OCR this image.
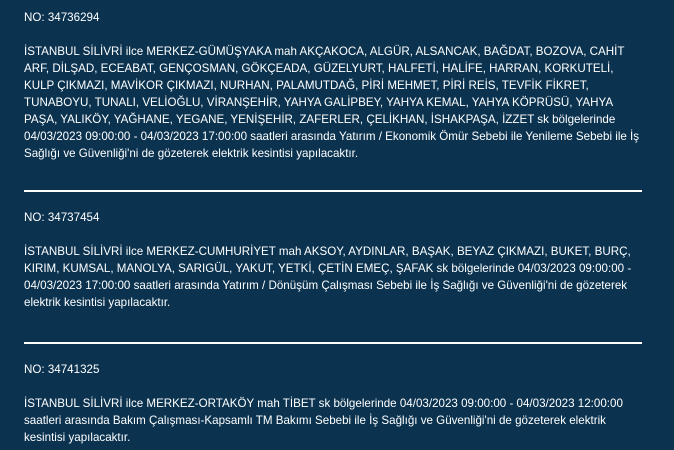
NO: 34736294

İSTANBUL SİLİVRİ ilce MERKEZ-GÜMÜŞYAKA mah AKÇAKOCA, ALGÜR, ALSANCAK, BAĞDAT, BOZOVA, CAHİT
ARF, DİLŞAD, ECEABAT, GENÇOSMAN, GÖKÇEADA, GÜZELYURT, HALFETİ, HALİFE, HARRAN, KORKUTELİ,
KULP ÇIKMAZI, MAVİKOR ÇIKMAZI, NURHAN, PALAMUTDAĞ, PİRİ MEHMET, PİRİ REİS, TEVFİK FİKRET,
TUNABOYU, TUNALI, VELİOĞLU, VİRANŞEHİR, YAHYA GALİPBEY, YAHYA KEMAL, YAHYA KÖPRÜSÜ, YAHYA
PAŞA, YALIKÖY, YAĞHANE, YEGANE, YENİŞEHİR, ZAFERLER, ÇELİKHAN, İSHAKPAŞA, İZZET sk bölgelerinde
04/03/2023 09:00:00 - 04/03/2023 17:00:00 saatleri arasında Yatırım / Ekonomik Ömür Sebebi ile Yenileme Sebebi ile İş
Sağlığı ve Güvenliği'ni de gözeterek elektrik kesintisi yapılacaktır.

NO: 34737454

İSTANBUL SİLİVRİ ilce MERKEZ-CUMHURİYET mah AKSOY, AYDINLAR, BAŞAK, BEYAZ ÇIKMAZI, BUKET, BURÇ,
KIRIM, KUMSAL, MANOLYA, SARIGÜL, YAKUT, YETKİ, ÇETİN EMEÇ, ŞAFAK sk bölgelerinde 04/03/2023 09:00:00 -
04/03/2023 17:00:00 saatleri arasında Yatırım / Dönüşüm Çalışması Sebebi ile İş Sağlığı ve Güvenliği'ni de gözeterek
elektrik kesintisi yapılacaktır.

NO: 34741325

İSTANBUL SİLİVRİ ilce MERKEZ-ORTAKÖY mah TİBET sk bölgelerinde 04/03/2023 09:00:00 - 04/03/2023 12:00:00
saatleri arasında Bakım Çalışması-Kapsamlı TM Bakımı Sebebi ile İş Sağlığı ve Güvenliği'ni de gözeterek elektrik
kesintisi yapılacaktır.
